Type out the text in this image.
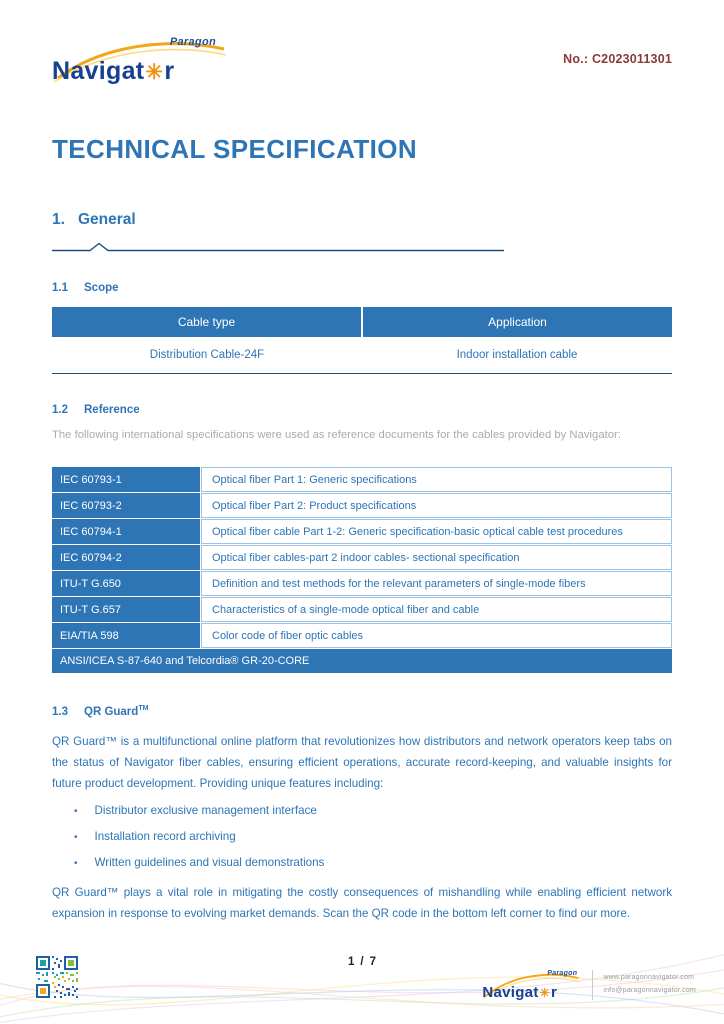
Paragon
Navigat✳r	No.: C2023011301
TECHNICAL SPECIFICATION
1. General
1.1 Scope
Cable type	Application
Distribution Cable-24F	Indoor installation cable
1.2 Reference
The following international specifications were used as reference documents for the cables provided by Navigator:
IEC 60793-1	Optical fiber Part 1: Generic specifications
IEC 60793-2	Optical fiber Part 2: Product specifications
IEC 60794-1	Optical fiber cable Part 1-2: Generic specification-basic optical cable test procedures
IEC 60794-2	Optical fiber cables-part 2 indoor cables- sectional specification
ITU-T G.650	Definition and test methods for the relevant parameters of single-mode fibers
ITU-T G.657	Characteristics of a single-mode optical fiber and cable
EIA/TIA 598	Color code of fiber optic cables
ANSI/ICEA S-87-640 and Telcordia® GR-20-CORE
1.3 QR Guard™
QR Guard™ is a multifunctional online platform that revolutionizes how distributors and network operators keep tabs on the status of Navigator fiber cables, ensuring efficient operations, accurate record-keeping, and valuable insights for future product development. Providing unique features including:
• Distributor exclusive management interface
• Installation record archiving
• Written guidelines and visual demonstrations
QR Guard™ plays a vital role in mitigating the costly consequences of mishandling while enabling efficient network expansion in response to evolving market demands. Scan the QR code in the bottom left corner to find our more.
1 / 7
Paragon
Navigat✳r
www.paragonnavigator.com
info@paragonnavigator.com
